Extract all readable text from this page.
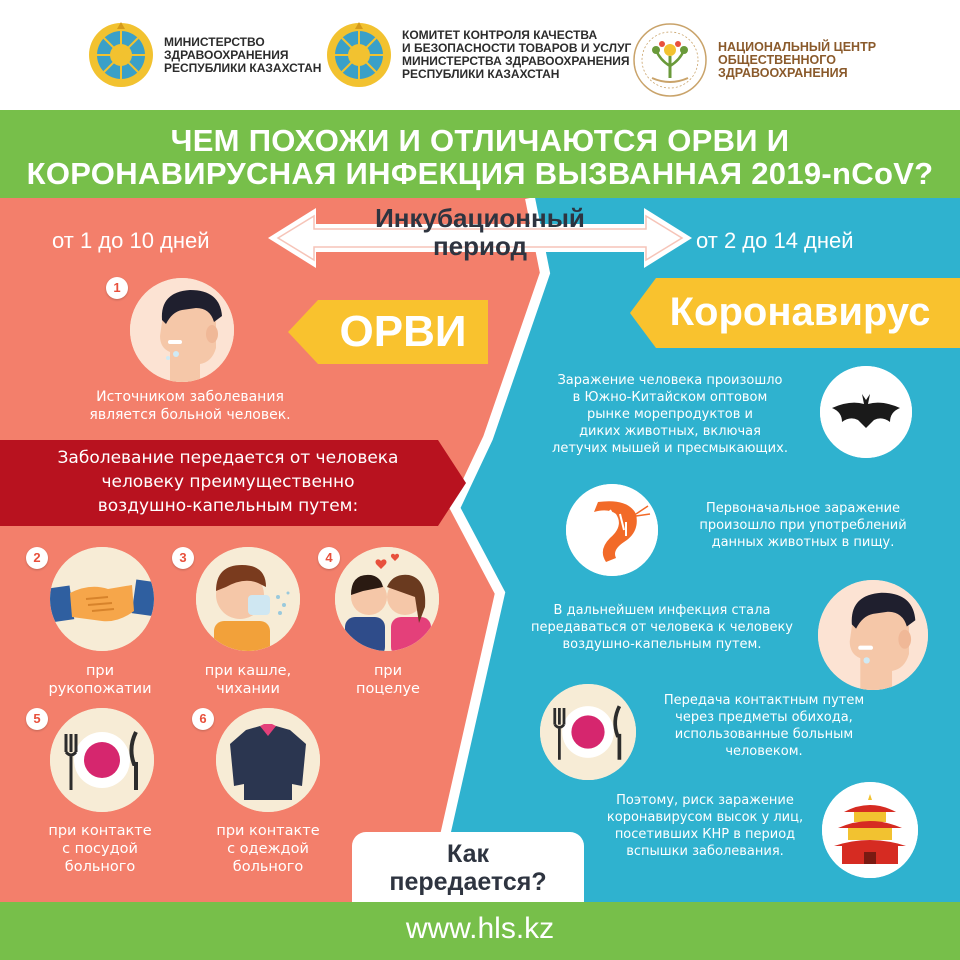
МИНИСТЕРСТВО
ЗДРАВООХРАНЕНИЯ
РЕСПУБЛИКИ КАЗАХСТАН
КОМИТЕТ КОНТРОЛЯ КАЧЕСТВА
И БЕЗОПАСНОСТИ ТОВАРОВ И УСЛУГ
МИНИСТЕРСТВА ЗДРАВООХРАНЕНИЯ
РЕСПУБЛИКИ КАЗАХСТАН
НАЦИОНАЛЬНЫЙ ЦЕНТР
ОБЩЕСТВЕННОГО
ЗДРАВООХРАНЕНИЯ
ЧЕМ ПОХОЖИ И ОТЛИЧАЮТСЯ ОРВИ И
КОРОНАВИРУСНАЯ ИНФЕКЦИЯ ВЫЗВАННАЯ 2019-nCoV?
от 1 до 10 дней	от 2 до 14 дней
Инкубационный
период
ОРВИ
1
Источником заболевания
является больной человек.
Заболевание передается от человека
человеку преимущественно
воздушно-капельным путем:
2
при
рукопожатии
3
при кашле,
чихании
4
при
поцелуе
5
при контакте
с посудой
больного
6
при контакте
с одеждой
больного
Коронавирус
Заражение человека произошло
в Южно-Китайском оптовом
рынке морепродуктов и
диких животных, включая
летучих мышей и пресмыкающих.
Первоначальное заражение
произошло при употреблений
данных животных в пищу.
В дальнейшем инфекция стала
передаваться от человека к человеку
воздушно-капельным путем.
Передача контактным путем
через предметы обихода,
использованные больным
человеком.
Поэтому, риск заражение
коронавирусом высок у лиц,
посетивших КНР в период
вспышки заболевания.
Как
передается?
www.hls.kz
